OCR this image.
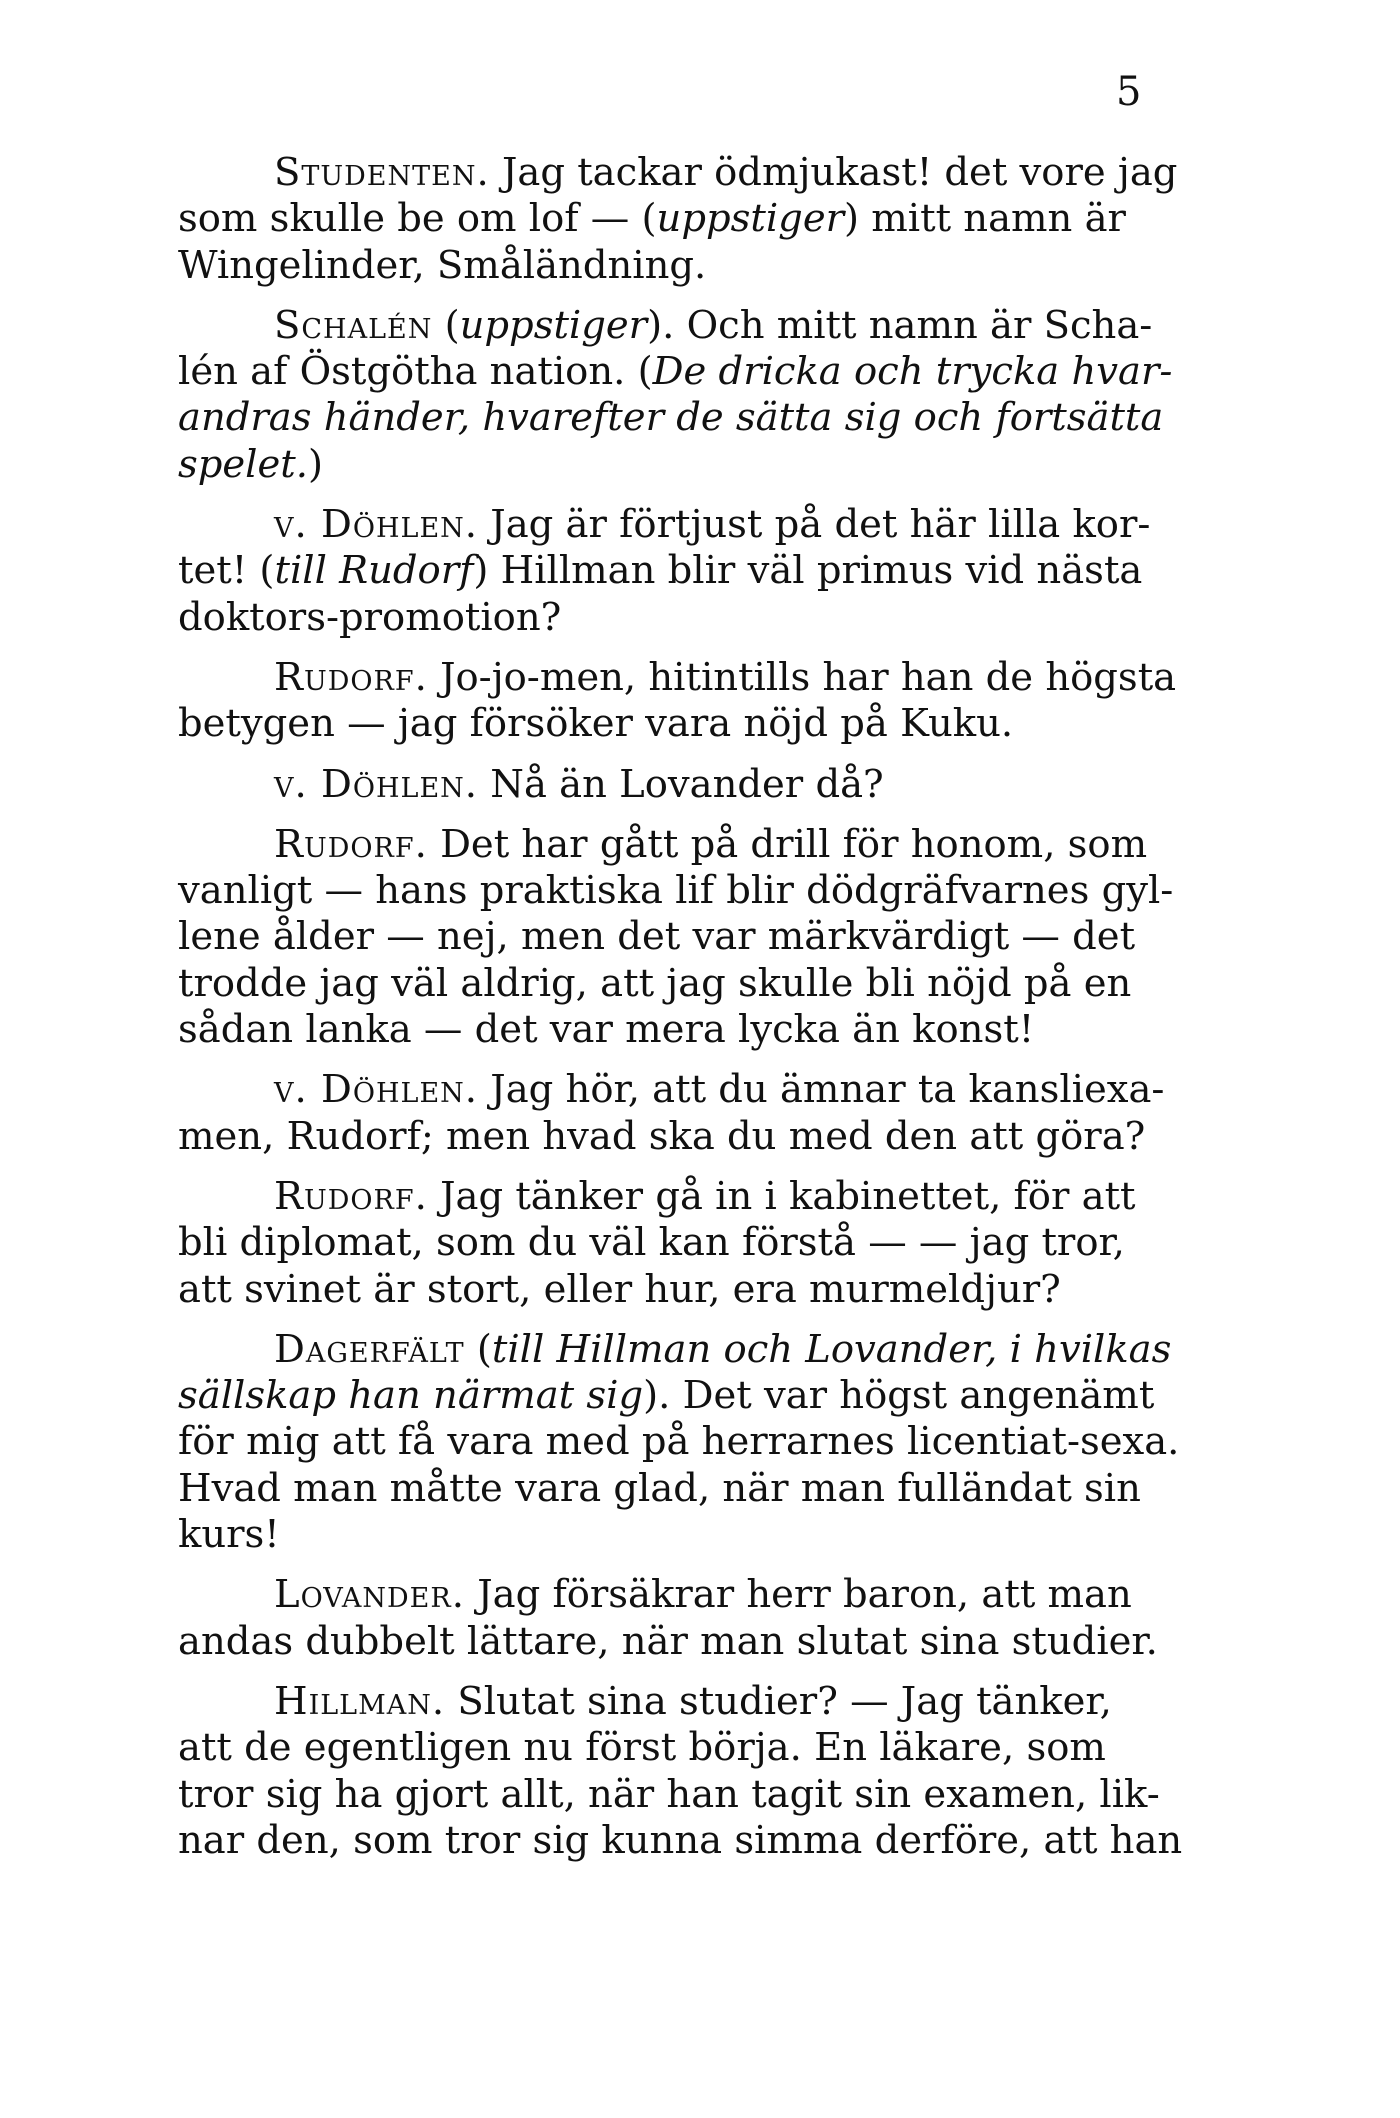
5
Studenten. Jag tackar ödmjukast! det vore jag
som skulle be om lof — (uppstiger) mitt namn är
Wingelinder, Småländning.
Schalén (uppstiger). Och mitt namn är Scha-
lén af Östgötha nation. (De dricka och trycka hvar-
andras händer, hvarefter de sätta sig och fortsätta
spelet.)
v. Döhlen. Jag är förtjust på det här lilla kor-
tet! (till Rudorf) Hillman blir väl primus vid nästa
doktors-promotion?
Rudorf. Jo-jo-men, hitintills har han de högsta
betygen — jag försöker vara nöjd på Kuku.
v. Döhlen. Nå än Lovander då?
Rudorf. Det har gått på drill för honom, som
vanligt — hans praktiska lif blir dödgräfvarnes gyl-
lene ålder — nej, men det var märkvärdigt — det
trodde jag väl aldrig, att jag skulle bli nöjd på en
sådan lanka — det var mera lycka än konst!
v. Döhlen. Jag hör, att du ämnar ta kansliexa-
men, Rudorf; men hvad ska du med den att göra?
Rudorf. Jag tänker gå in i kabinettet, för att
bli diplomat, som du väl kan förstå — — jag tror,
att svinet är stort, eller hur, era murmeldjur?
Dagerfält (till Hillman och Lovander, i hvilkas
sällskap han närmat sig). Det var högst angenämt
för mig att få vara med på herrarnes licentiat-sexa.
Hvad man måtte vara glad, när man fulländat sin
kurs!
Lovander. Jag försäkrar herr baron, att man
andas dubbelt lättare, när man slutat sina studier.
Hillman. Slutat sina studier? — Jag tänker,
att de egentligen nu först börja. En läkare, som
tror sig ha gjort allt, när han tagit sin examen, lik-
nar den, som tror sig kunna simma derföre, att han
